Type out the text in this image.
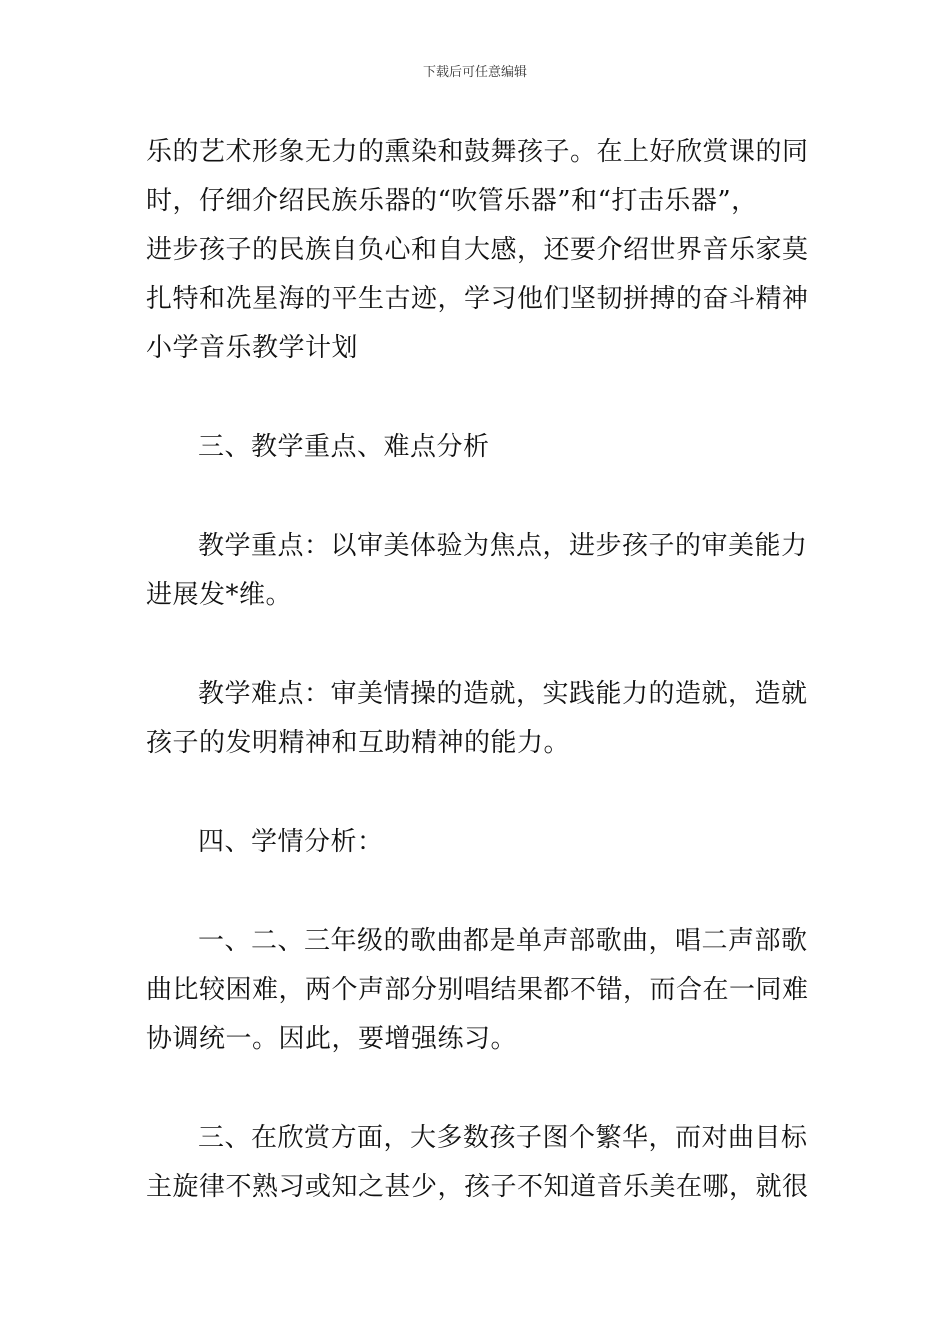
下载后可任意编辑

乐的艺术形象无力的熏染和鼓舞孩子。在上好欣赏课的同
时，仔细介绍民族乐器的“吹管乐器”和“打击乐器”，
进步孩子的民族自负心和自大感，还要介绍世界音乐家莫
扎特和冼星海的平生古迹，学习他们坚韧拼搏的奋斗精神
小学音乐教学计划

三、教学重点、难点分析

教学重点：以审美体验为焦点，进步孩子的审美能力
进展发*维。

教学难点：审美情操的造就，实践能力的造就，造就
孩子的发明精神和互助精神的能力。

四、学情分析：

一、二、三年级的歌曲都是单声部歌曲，唱二声部歌
曲比较困难，两个声部分别唱结果都不错，而合在一同难
协调统一。因此，要增强练习。

三、在欣赏方面，大多数孩子图个繁华，而对曲目标
主旋律不熟习或知之甚少，孩子不知道音乐美在哪，就很
